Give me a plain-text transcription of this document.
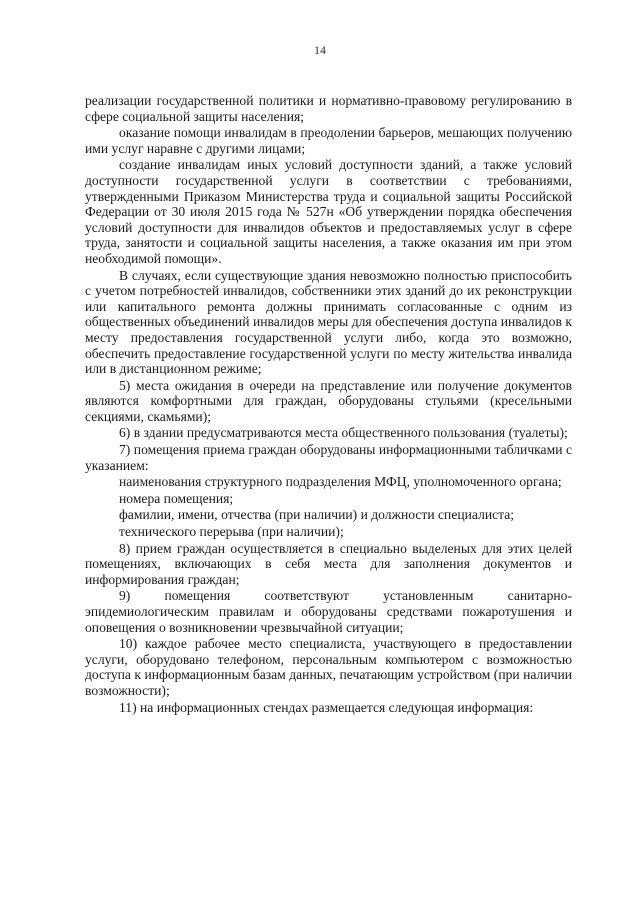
14

реализации государственной политики и нормативно-правовому регулированию в сфере социальной защиты населения;

оказание помощи инвалидам в преодолении барьеров, мешающих получению ими услуг наравне с другими лицами;

создание инвалидам иных условий доступности зданий, а также условий доступности государственной услуги в соответствии с требованиями, утвержденными Приказом Министерства труда и социальной защиты Российской Федерации от 30 июля 2015 года № 527н «Об утверждении порядка обеспечения условий доступности для инвалидов объектов и предоставляемых услуг в сфере труда, занятости и социальной защиты населения, а также оказания им при этом необходимой помощи».

В случаях, если существующие здания невозможно полностью приспособить с учетом потребностей инвалидов, собственники этих зданий до их реконструкции или капитального ремонта должны принимать согласованные с одним из общественных объединений инвалидов меры для обеспечения доступа инвалидов к месту предоставления государственной услуги либо, когда это возможно, обеспечить предоставление государственной услуги по месту жительства инвалида или в дистанционном режиме;

5) места ожидания в очереди на представление или получение документов являются комфортными для граждан, оборудованы стульями (кресельными секциями, скамьями);

6) в здании предусматриваются места общественного пользования (туалеты);

7) помещения приема граждан оборудованы информационными табличками с указанием:

наименования структурного подразделения МФЦ, уполномоченного органа;

номера помещения;

фамилии, имени, отчества (при наличии) и должности специалиста;

технического перерыва (при наличии);

8) прием граждан осуществляется в специально выделеных для этих целей помещениях, включающих в себя места для заполнения документов и информирования граждан;

9) помещения соответствуют установленным санитарно-эпидемиологическим правилам и оборудованы средствами пожаротушения и оповещения о возникновении чрезвычайной ситуации;

10) каждое рабочее место специалиста, участвующего в предоставлении услуги, оборудовано телефоном, персональным компьютером с возможностью доступа к информационным базам данных, печатающим устройством (при наличии возможности);

11) на информационных стендах размещается следующая информация:
